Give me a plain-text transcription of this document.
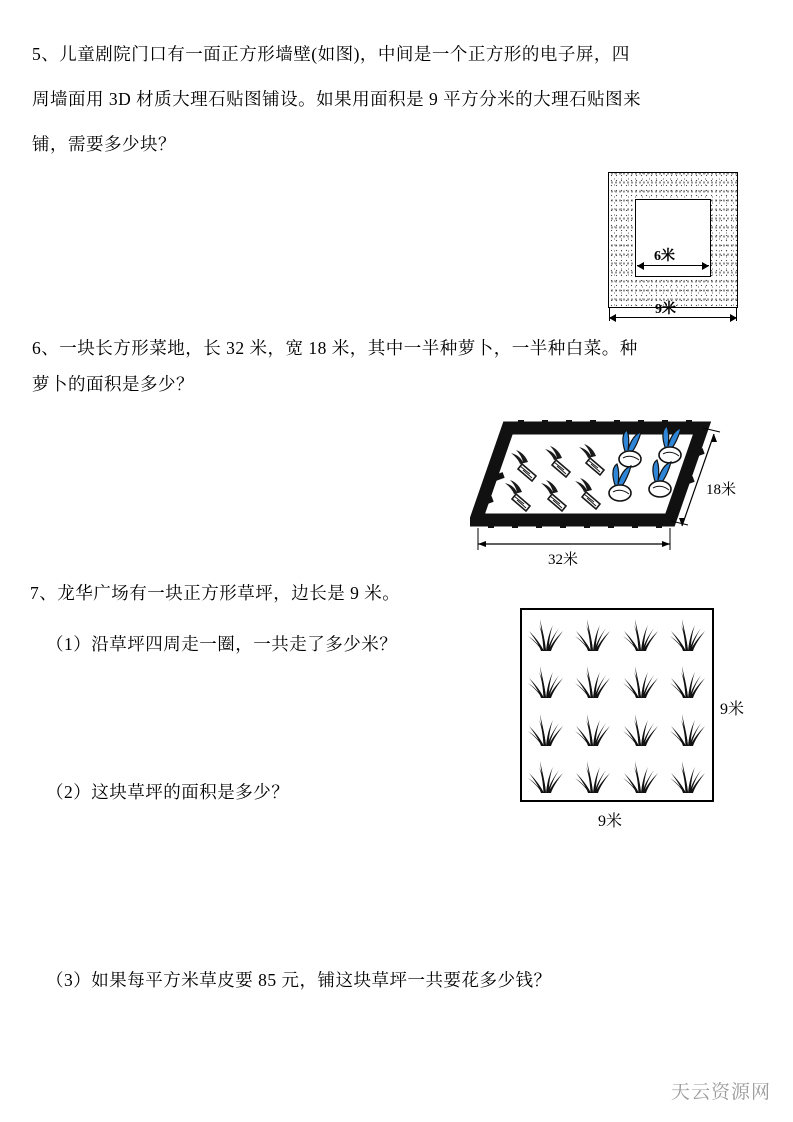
5、儿童剧院门口有一面正方形墙壁(如图)，中间是一个正方形的电子屏，四
周墙面用 3D 材质大理石贴图铺设。如果用面积是 9 平方分米的大理石贴图来
铺，需要多少块？
6米
9米
6、一块长方形菜地，长 32 米，宽 18 米，其中一半种萝卜，一半种白菜。种
萝卜的面积是多少？
18米
32米
7、龙华广场有一块正方形草坪，边长是 9 米。
（1）沿草坪四周走一圈，一共走了多少米？
（2）这块草坪的面积是多少？
（3）如果每平方米草皮要 85 元，铺这块草坪一共要花多少钱？
9米
9米
天云资源网
